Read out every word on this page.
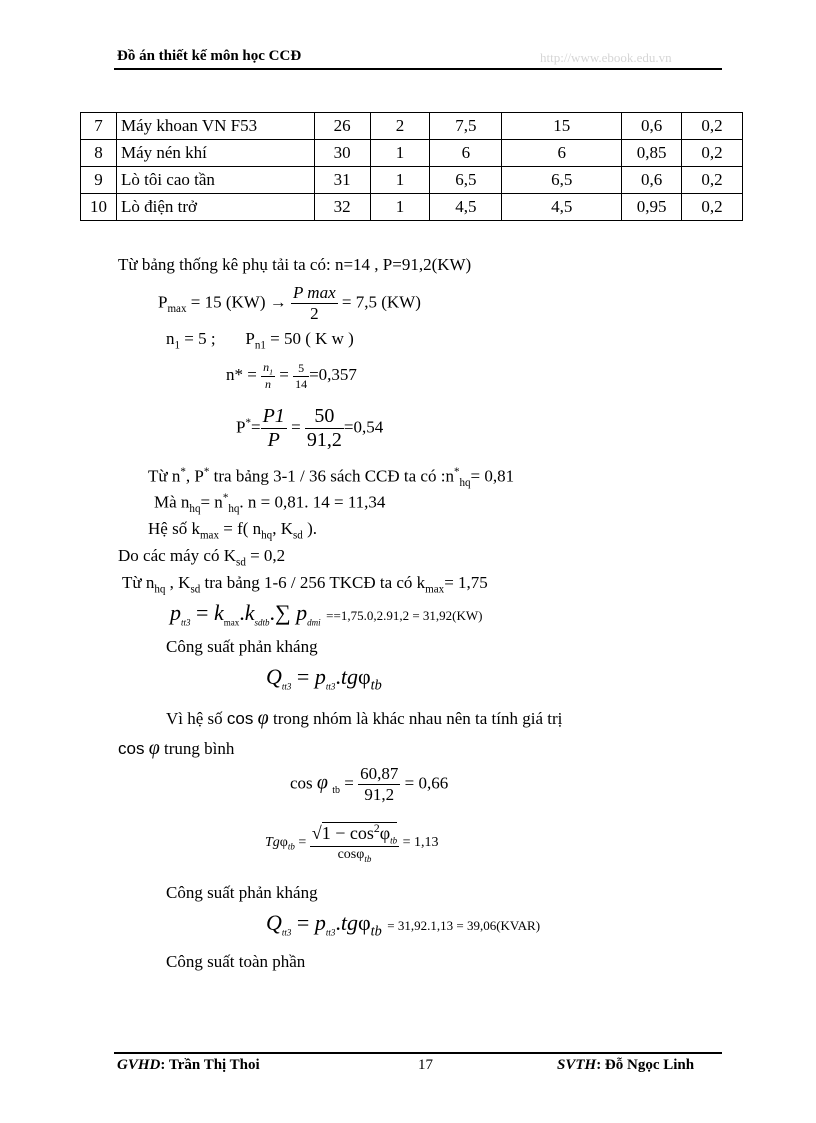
Đồ án thiết kế môn học CCĐ	http://www.ebook.edu.vn
7	Máy khoan VN F53	26	2	7,5	15	0,6	0,2
8	Máy nén khí	30	1	6	6	0,85	0,2
9	Lò tôi cao tần	31	1	6,5	6,5	0,6	0,2
10	Lò điện trở	32	1	4,5	4,5	0,95	0,2
Từ bảng thống kê phụ tải ta có: n=14 , P=91,2(KW)
$P_{max} = 15$ $(KW) \to \frac{\text{P max}}{2} = 7,5$ (KW)
$n_1 = 5$ ;       $P_{n1} = 50$ ( K w )
$n* = \frac{n_1}{n} = \frac{5}{14} =0,357$
$P^*= \frac{P1}{P} = \frac{50}{91,2} =0,54$
Từ n*, P* tra bảng 3-1 / 36 sách CCĐ ta có $:n^*_{hq}= 0,81$
Mà $n_{hq}= n^*_{hq}$. n = 0,81. 14 = 11,34
Hệ số $k_{max} = f$( $n_{hq}$, $K_{sd}$ ).
Do các máy có $K_{sd} = 0,2$
Từ $n_{hq}$ , $K_{sd}$ tra bảng 1-6 / 256 TKCĐ ta có $k_{max}= 1,75$
$p_{tt3} = k_{max}.k_{sdtb}.\sum$ $p_{dmi} ==1,75.0,2.91,2 = 31,92(KW)$
Công suất phản kháng
$Q_{tt3} = p_{tt3}.tg\varphi_{tb}$
Vì hệ số cos φ trong nhóm là khác nhau nên ta tính giá trị
cos φ trung bình
cos φ $_{tb} = \frac{60,87}{91,2} = 0,66$
$Tg\varphi_{tb} = \frac{√1 - \cos^2\varphi_{tb}}{\cos\varphi_{tb}} = 1,13$
Công suất phản kháng
$Q_{tt3} = p_{tt3}.tg\varphi_{tb} = 31,92.1,13$ = 39,06(KVAR)
Công suất toàn phần
GVHD: Trần Thị Thoi	17	SVTH: Đỗ Ngọc Linh
